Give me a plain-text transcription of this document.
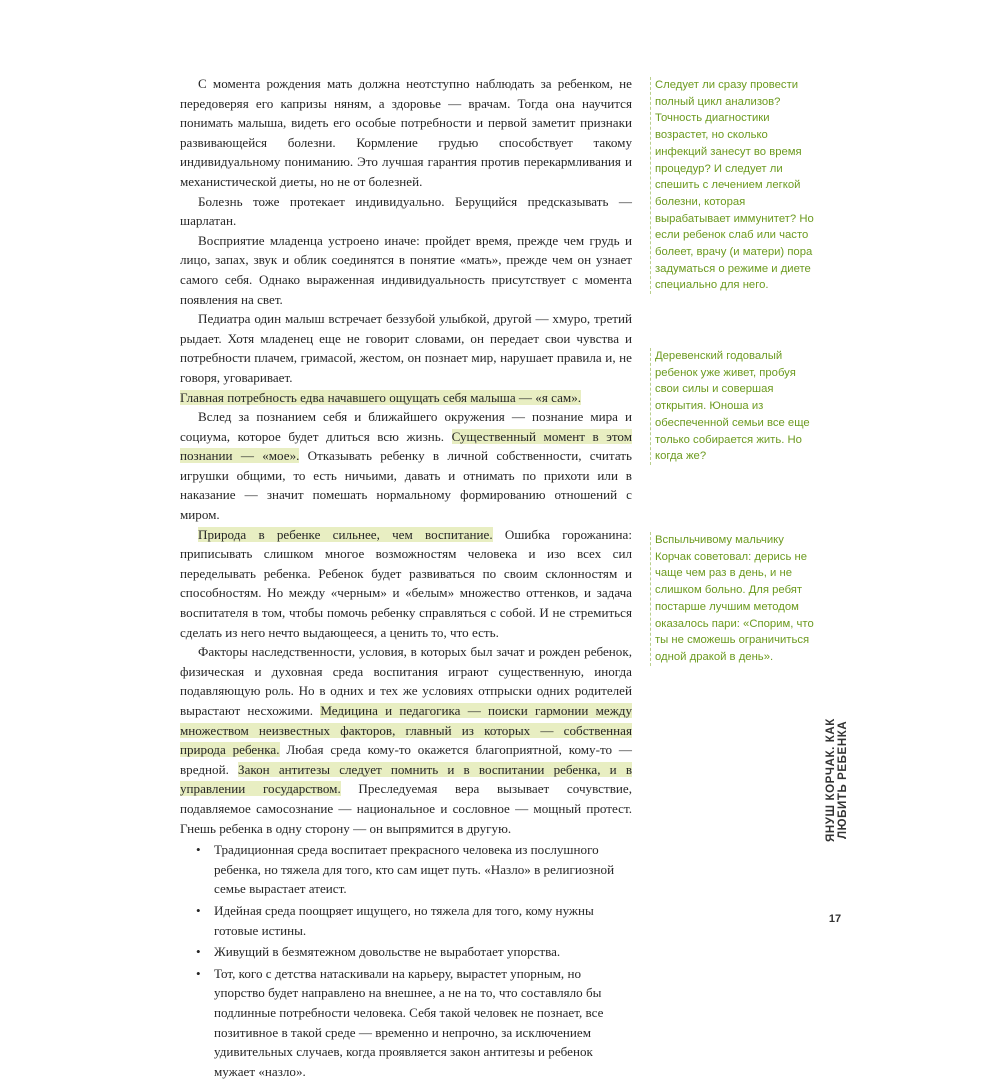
С момента рождения мать должна неотступно наблюдать за ребенком, не передоверяя его капризы няням, а здоровье — врачам. Тогда она научится понимать малыша, видеть его особые потребности и первой заметит признаки развивающейся болезни. Кормление грудью способствует такому индивидуальному пониманию. Это лучшая гарантия против перекармливания и механистической диеты, но не от болезней.

Болезнь тоже протекает индивидуально. Берущийся предсказывать — шарлатан.

Восприятие младенца устроено иначе: пройдет время, прежде чем грудь и лицо, запах, звук и облик соединятся в понятие «мать», прежде чем он узнает самого себя. Однако выраженная индивидуальность присутствует с момента появления на свет.

Педиатра один малыш встречает беззубой улыбкой, другой — хмуро, третий рыдает. Хотя младенец еще не говорит словами, он передает свои чувства и потребности плачем, гримасой, жестом, он познает мир, нарушает правила и, не говоря, уговаривает.

Главная потребность едва начавшего ощущать себя малыша — «я сам».

Вслед за познанием себя и ближайшего окружения — познание мира и социума, которое будет длиться всю жизнь. Существенный момент в этом познании — «мое». Отказывать ребенку в личной собственности, считать игрушки общими, то есть ничьими, давать и отнимать по прихоти или в наказание — значит помешать нормальному формированию отношений с миром.

Природа в ребенке сильнее, чем воспитание. Ошибка горожанина: приписывать слишком многое возможностям человека и изо всех сил переделывать ребенка. Ребенок будет развиваться по своим склонностям и способностям. Но между «черным» и «белым» множество оттенков, и задача воспитателя в том, чтобы помочь ребенку справляться с собой. И не стремиться сделать из него нечто выдающееся, а ценить то, что есть.

Факторы наследственности, условия, в которых был зачат и рожден ребенок, физическая и духовная среда воспитания играют существенную, иногда подавляющую роль. Но в одних и тех же условиях отпрыски одних родителей вырастают несхожими. Медицина и педагогика — поиски гармонии между множеством неизвестных факторов, главный из которых — собственная природа ребенка. Любая среда кому-то окажется благоприятной, кому-то — вредной. Закон антитезы следует помнить и в воспитании ребенка, и в управлении государством. Преследуемая вера вызывает сочувствие, подавляемое самосознание — национальное и сословное — мощный протест. Гнешь ребенка в одну сторону — он выпрямится в другую.

• Традиционная среда воспитает прекрасного человека из послушного ребенка, но тяжела для того, кто сам ищет путь. «Назло» в религиозной семье вырастает атеист.
• Идейная среда поощряет ищущего, но тяжела для того, кому нужны готовые истины.
• Живущий в безмятежном довольстве не выработает упорства.
• Тот, кого с детства натаскивали на карьеру, вырастет упорным, но упорство будет направлено на внешнее, а не на то, что составляло бы подлинные потребности человека. Себя такой человек не познает, все позитивное в такой среде — временно и непрочно, за исключением удивительных случаев, когда проявляется закон антитезы и ребенок мужает «назло».
Следует ли сразу провести полный цикл анализов? Точность диагностики возрастет, но сколько инфекций занесут во время процедур? И следует ли спешить с лечением легкой болезни, которая вырабатывает иммунитет? Но если ребенок слаб или часто болеет, врачу (и матери) пора задуматься о режиме и диете специально для него.
Деревенский годовалый ребенок уже живет, пробуя свои силы и совершая открытия. Юноша из обеспеченной семьи все еще только собирается жить. Но когда же?
Вспыльчивому мальчику Корчак советовал: дерись не чаще чем раз в день, и не слишком больно. Для ребят постарше лучшим методом оказалось пари: «Спорим, что ты не сможешь ограничиться одной дракой в день».
ЯНУШ КОРЧАК. КАК ЛЮБИТЬ РЕБЕНКА
17
